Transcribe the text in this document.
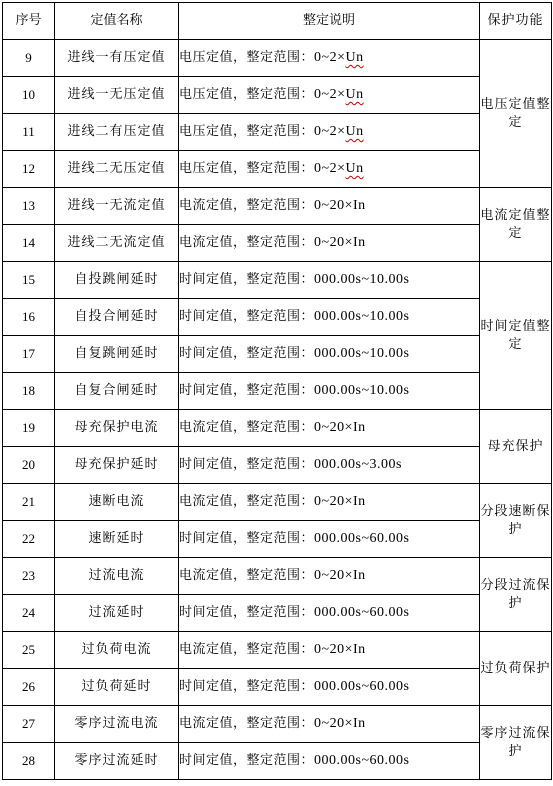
序号	定值名称	整定说明	保护功能
9	进线一有压定值	电压定值，整定范围：0~2×Un	电压定值整定
10	进线一无压定值	电压定值，整定范围：0~2×Un	
11	进线二有压定值	电压定值，整定范围：0~2×Un	
12	进线二无压定值	电压定值，整定范围：0~2×Un	
13	进线一无流定值	电流定值，整定范围：0~20×In	电流定值整定
14	进线二无流定值	电流定值，整定范围：0~20×In	
15	自投跳闸延时	时间定值，整定范围：000.00s~10.00s	时间定值整定
16	自投合闸延时	时间定值，整定范围：000.00s~10.00s	
17	自复跳闸延时	时间定值，整定范围：000.00s~10.00s	
18	自复合闸延时	时间定值，整定范围：000.00s~10.00s	
19	母充保护电流	电流定值，整定范围：0~20×In	母充保护
20	母充保护延时	时间定值，整定范围：000.00s~3.00s	
21	速断电流	电流定值，整定范围：0~20×In	分段速断保护
22	速断延时	时间定值，整定范围：000.00s~60.00s	
23	过流电流	电流定值，整定范围：0~20×In	分段过流保护
24	过流延时	时间定值，整定范围：000.00s~60.00s	
25	过负荷电流	电流定值，整定范围：0~20×In	过负荷保护
26	过负荷延时	时间定值，整定范围：000.00s~60.00s	
27	零序过流电流	电流定值，整定范围：0~20×In	零序过流保护
28	零序过流延时	时间定值，整定范围：000.00s~60.00s	
